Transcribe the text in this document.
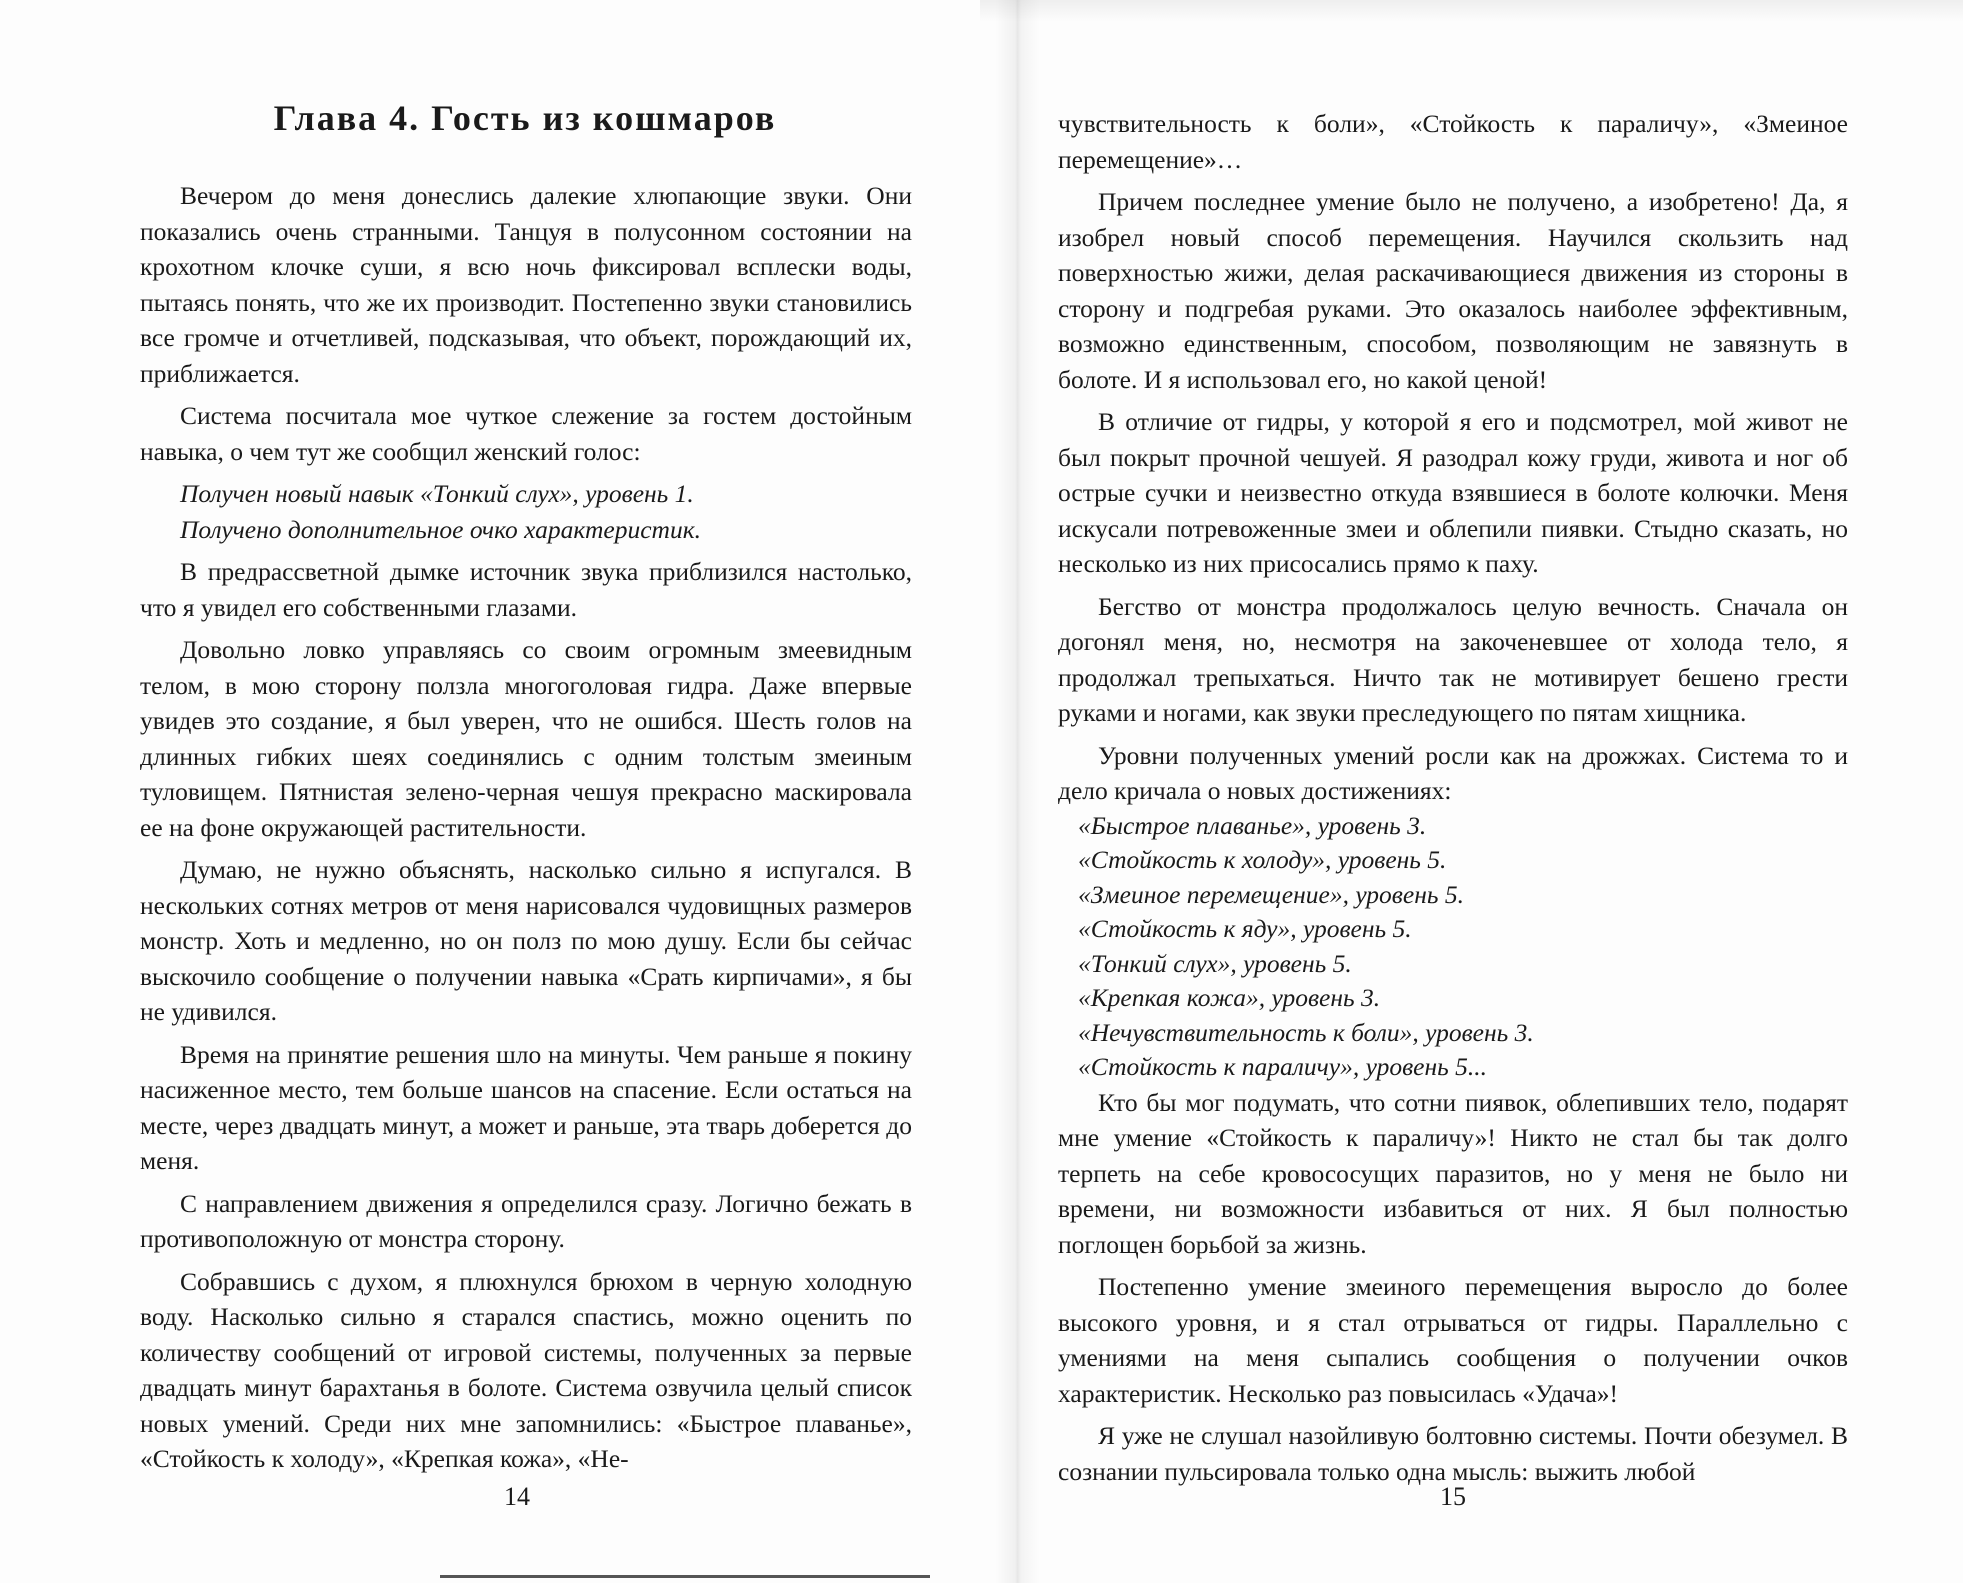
Глава 4. Гость из кошмаров

Вечером до меня донеслись далекие хлюпающие звуки. Они показались очень странными. Танцуя в полусонном состоянии на крохотном клочке суши, я всю ночь фиксировал всплески воды, пытаясь понять, что же их производит. Постепенно звуки становились все громче и отчетливей, подсказывая, что объект, порождающий их, приближается.

Система посчитала мое чуткое слежение за гостем достойным навыка, о чем тут же сообщил женский голос:

Получен новый навык «Тонкий слух», уровень 1.

Получено дополнительное очко характеристик.

В предрассветной дымке источник звука приблизился настолько, что я увидел его собственными глазами.

Довольно ловко управляясь со своим огромным змеевидным телом, в мою сторону ползла многоголовая гидра. Даже впервые увидев это создание, я был уверен, что не ошибся. Шесть голов на длинных гибких шеях соединялись с одним толстым змеиным туловищем. Пятнистая зелено-черная чешуя прекрасно маскировала ее на фоне окружающей растительности.

Думаю, не нужно объяснять, насколько сильно я испугался. В нескольких сотнях метров от меня нарисовался чудовищных размеров монстр. Хоть и медленно, но он полз по мою душу. Если бы сейчас выскочило сообщение о получении навыка «Срать кирпичами», я бы не удивился.

Время на принятие решения шло на минуты. Чем раньше я покину насиженное место, тем больше шансов на спасение. Если остаться на месте, через двадцать минут, а может и раньше, эта тварь доберется до меня.

С направлением движения я определился сразу. Логично бежать в противоположную от монстра сторону.

Собравшись с духом, я плюхнулся брюхом в черную холодную воду. Насколько сильно я старался спастись, можно оценить по количеству сообщений от игровой системы, полученных за первые двадцать минут барахтанья в болоте. Система озвучила целый список новых умений. Среди них мне запомнились: «Быстрое плаванье», «Стойкость к холоду», «Крепкая кожа», «Не-

14

чувствительность к боли», «Стойкость к параличу», «Змеиное перемещение»…

Причем последнее умение было не получено, а изобретено! Да, я изобрел новый способ перемещения. Научился скользить над поверхностью жижи, делая раскачивающиеся движения из стороны в сторону и подгребая руками. Это оказалось наиболее эффективным, возможно единственным, способом, позволяющим не завязнуть в болоте. И я использовал его, но какой ценой!

В отличие от гидры, у которой я его и подсмотрел, мой живот не был покрыт прочной чешуей. Я разодрал кожу груди, живота и ног об острые сучки и неизвестно откуда взявшиеся в болоте колючки. Меня искусали потревоженные змеи и облепили пиявки. Стыдно сказать, но несколько из них присосались прямо к паху.

Бегство от монстра продолжалось целую вечность. Сначала он догонял меня, но, несмотря на закоченевшее от холода тело, я продолжал трепыхаться. Ничто так не мотивирует бешено грести руками и ногами, как звуки преследующего по пятам хищника.

Уровни полученных умений росли как на дрожжах. Система то и дело кричала о новых достижениях:

«Быстрое плаванье», уровень 3.

«Стойкость к холоду», уровень 5.

«Змеиное перемещение», уровень 5.

«Стойкость к яду», уровень 5.

«Тонкий слух», уровень 5.

«Крепкая кожа», уровень 3.

«Нечувствительность к боли», уровень 3.

«Стойкость к параличу», уровень 5...

Кто бы мог подумать, что сотни пиявок, облепивших тело, подарят мне умение «Стойкость к параличу»! Никто не стал бы так долго терпеть на себе кровососущих паразитов, но у меня не было ни времени, ни возможности избавиться от них. Я был полностью поглощен борьбой за жизнь.

Постепенно умение змеиного перемещения выросло до более высокого уровня, и я стал отрываться от гидры. Параллельно с умениями на меня сыпались сообщения о получении очков характеристик. Несколько раз повысилась «Удача»!

Я уже не слушал назойливую болтовню системы. Почти обезумел. В сознании пульсировала только одна мысль: выжить любой

15
